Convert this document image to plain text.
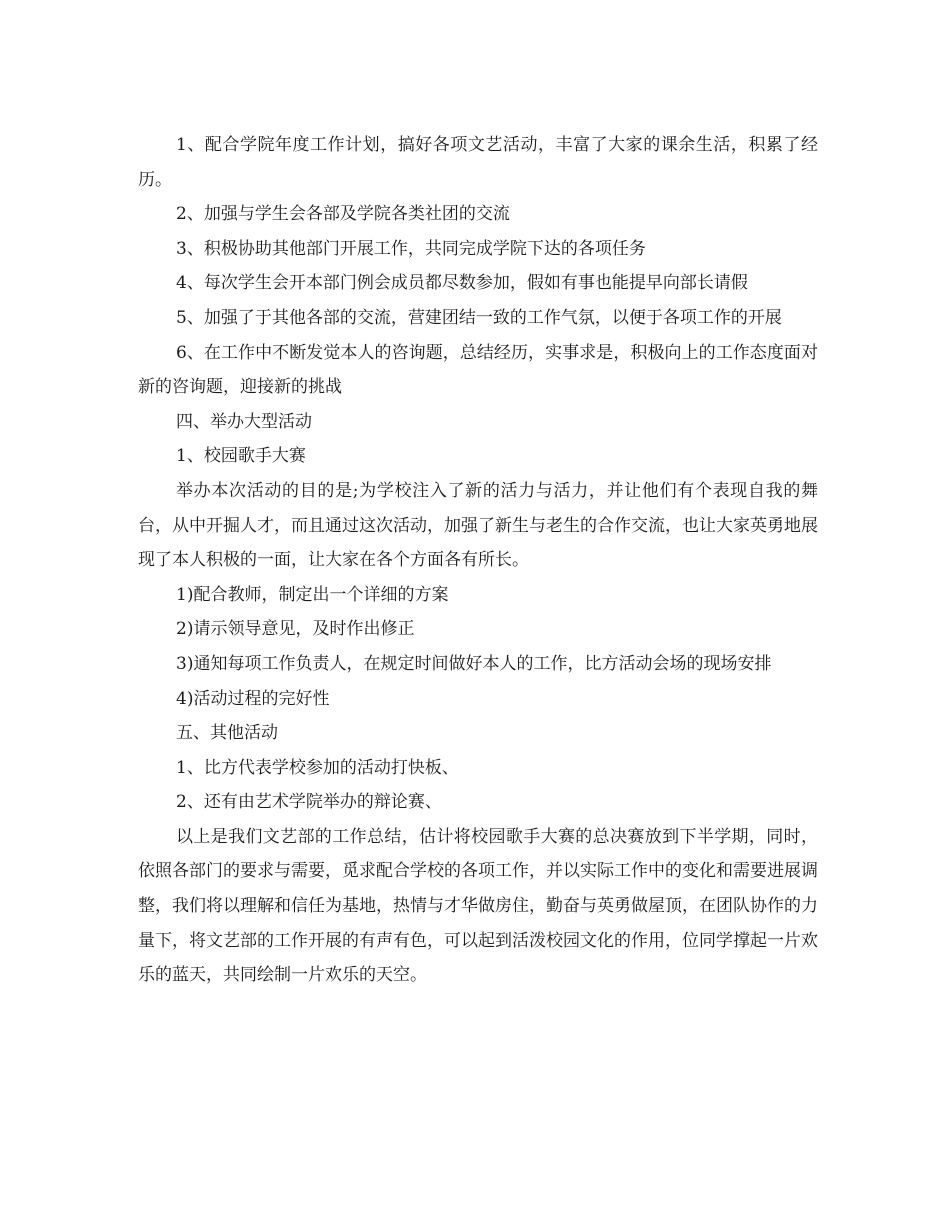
1、配合学院年度工作计划，搞好各项文艺活动，丰富了大家的课余生活，积累了经历。

2、加强与学生会各部及学院各类社团的交流

3、积极协助其他部门开展工作，共同完成学院下达的各项任务

4、每次学生会开本部门例会成员都尽数参加，假如有事也能提早向部长请假

5、加强了于其他各部的交流，营建团结一致的工作气氛，以便于各项工作的开展

6、在工作中不断发觉本人的咨询题，总结经历，实事求是，积极向上的工作态度面对新的咨询题，迎接新的挑战

四、举办大型活动

1、校园歌手大赛

举办本次活动的目的是;为学校注入了新的活力与活力，并让他们有个表现自我的舞台，从中开掘人才，而且通过这次活动，加强了新生与老生的合作交流，也让大家英勇地展现了本人积极的一面，让大家在各个方面各有所长。

1)配合教师，制定出一个详细的方案

2)请示领导意见，及时作出修正

3)通知每项工作负责人，在规定时间做好本人的工作，比方活动会场的现场安排

4)活动过程的完好性

五、其他活动

1、比方代表学校参加的活动打快板、

2、还有由艺术学院举办的辩论赛、

以上是我们文艺部的工作总结，估计将校园歌手大赛的总决赛放到下半学期，同时，依照各部门的要求与需要，觅求配合学校的各项工作，并以实际工作中的变化和需要进展调整，我们将以理解和信任为基地，热情与才华做房住，勤奋与英勇做屋顶，在团队协作的力量下，将文艺部的工作开展的有声有色，可以起到活泼校园文化的作用，位同学撑起一片欢乐的蓝天，共同绘制一片欢乐的天空。
